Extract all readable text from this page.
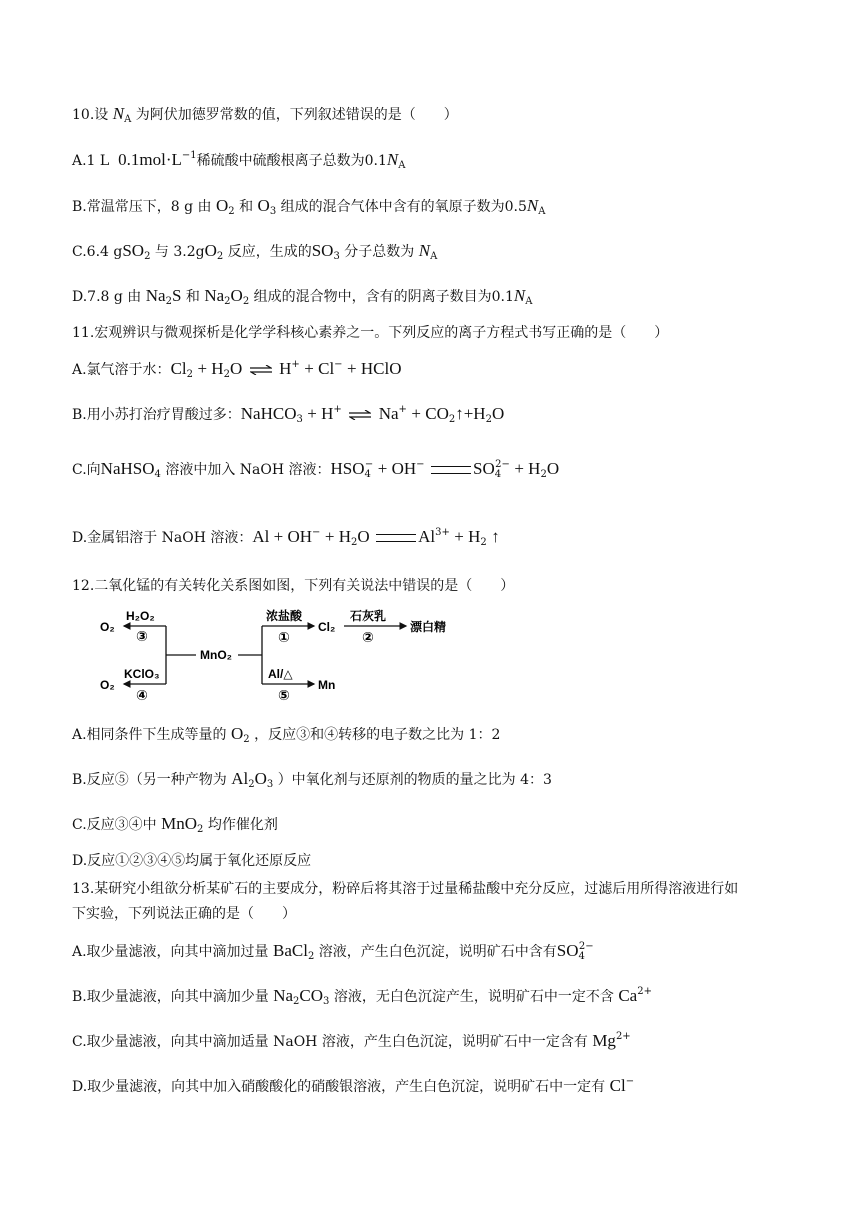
10.设 $N_A$ 为阿伏加德罗常数的值，下列叙述错误的是（　　）
A.1 L $0.1mol\cdot L^{-1}$稀硫酸中硫酸根离子总数为$0.1N_A$
B.常温常压下，8 g 由 $O_2$ 和 $O_3$ 组成的混合气体中含有的氧原子数为$0.5N_A$
C.6.4 gSO$_2$ 与 $3.2gO_2$ 反应，生成的$SO_3$ 分子总数为 $N_A$
D.7.8 g 由 $Na_2S$ 和 $Na_2O_2$ 组成的混合物中，含有的阴离子数目为$0.1N_A$
11.宏观辨识与微观探析是化学学科核心素养之一。下列反应的离子方程式书写正确的是（　　）
A.氯气溶于水：$Cl_2 + H_2O$ H+ + Cl− + HClO
B.用小苏打治疗胃酸过多：NaHCO$_3$ + H+ $Na^+ + CO_2↑+H_2O$
C.向NaHSO$_4$ 溶液中加入 NaOH 溶液：$HSO_4^- + OH^-$	$SO_4^{2-} + H_2O$
D.金属铝溶于 NaOH 溶液：$Al + OH^- + H_2O$	$Al^{3+} + H_2$ ↑
12.二氧化锰的有关转化关系图如图，下列有关说法中错误的是（　　）
O₂
H₂O₂
③
O₂
KClO₃
④
MnO₂
浓盐酸
①
Cl₂
Al/△
⑤
Mn
石灰乳
②
漂白精
A.相同条件下生成等量的 $O_2$ ，反应③和④转移的电子数之比为 1：2
B.反应⑤（另一种产物为 $Al_2O_3$ ）中氧化剂与还原剂的物质的量之比为 4：3
C.反应③④中 MnO$_2$ 均作催化剂
D.反应①②③④⑤均属于氧化还原反应
13.某研究小组欲分析某矿石的主要成分，粉碎后将其溶于过量稀盐酸中充分反应，过滤后用所得溶液进行如
下实验，下列说法正确的是（　　）
A.取少量滤液，向其中滴加过量 BaCl$_2$ 溶液，产生白色沉淀，说明矿石中含有$SO_4^{2-}$
B.取少量滤液，向其中滴加少量 $Na_2CO_3$ 溶液，无白色沉淀产生，说明矿石中一定不含 $Ca^{2+}$
C.取少量滤液，向其中滴加适量 NaOH 溶液，产生白色沉淀，说明矿石中一定含有 $Mg^{2+}$
D.取少量滤液，向其中加入硝酸酸化的硝酸银溶液，产生白色沉淀，说明矿石中一定有 Cl−
